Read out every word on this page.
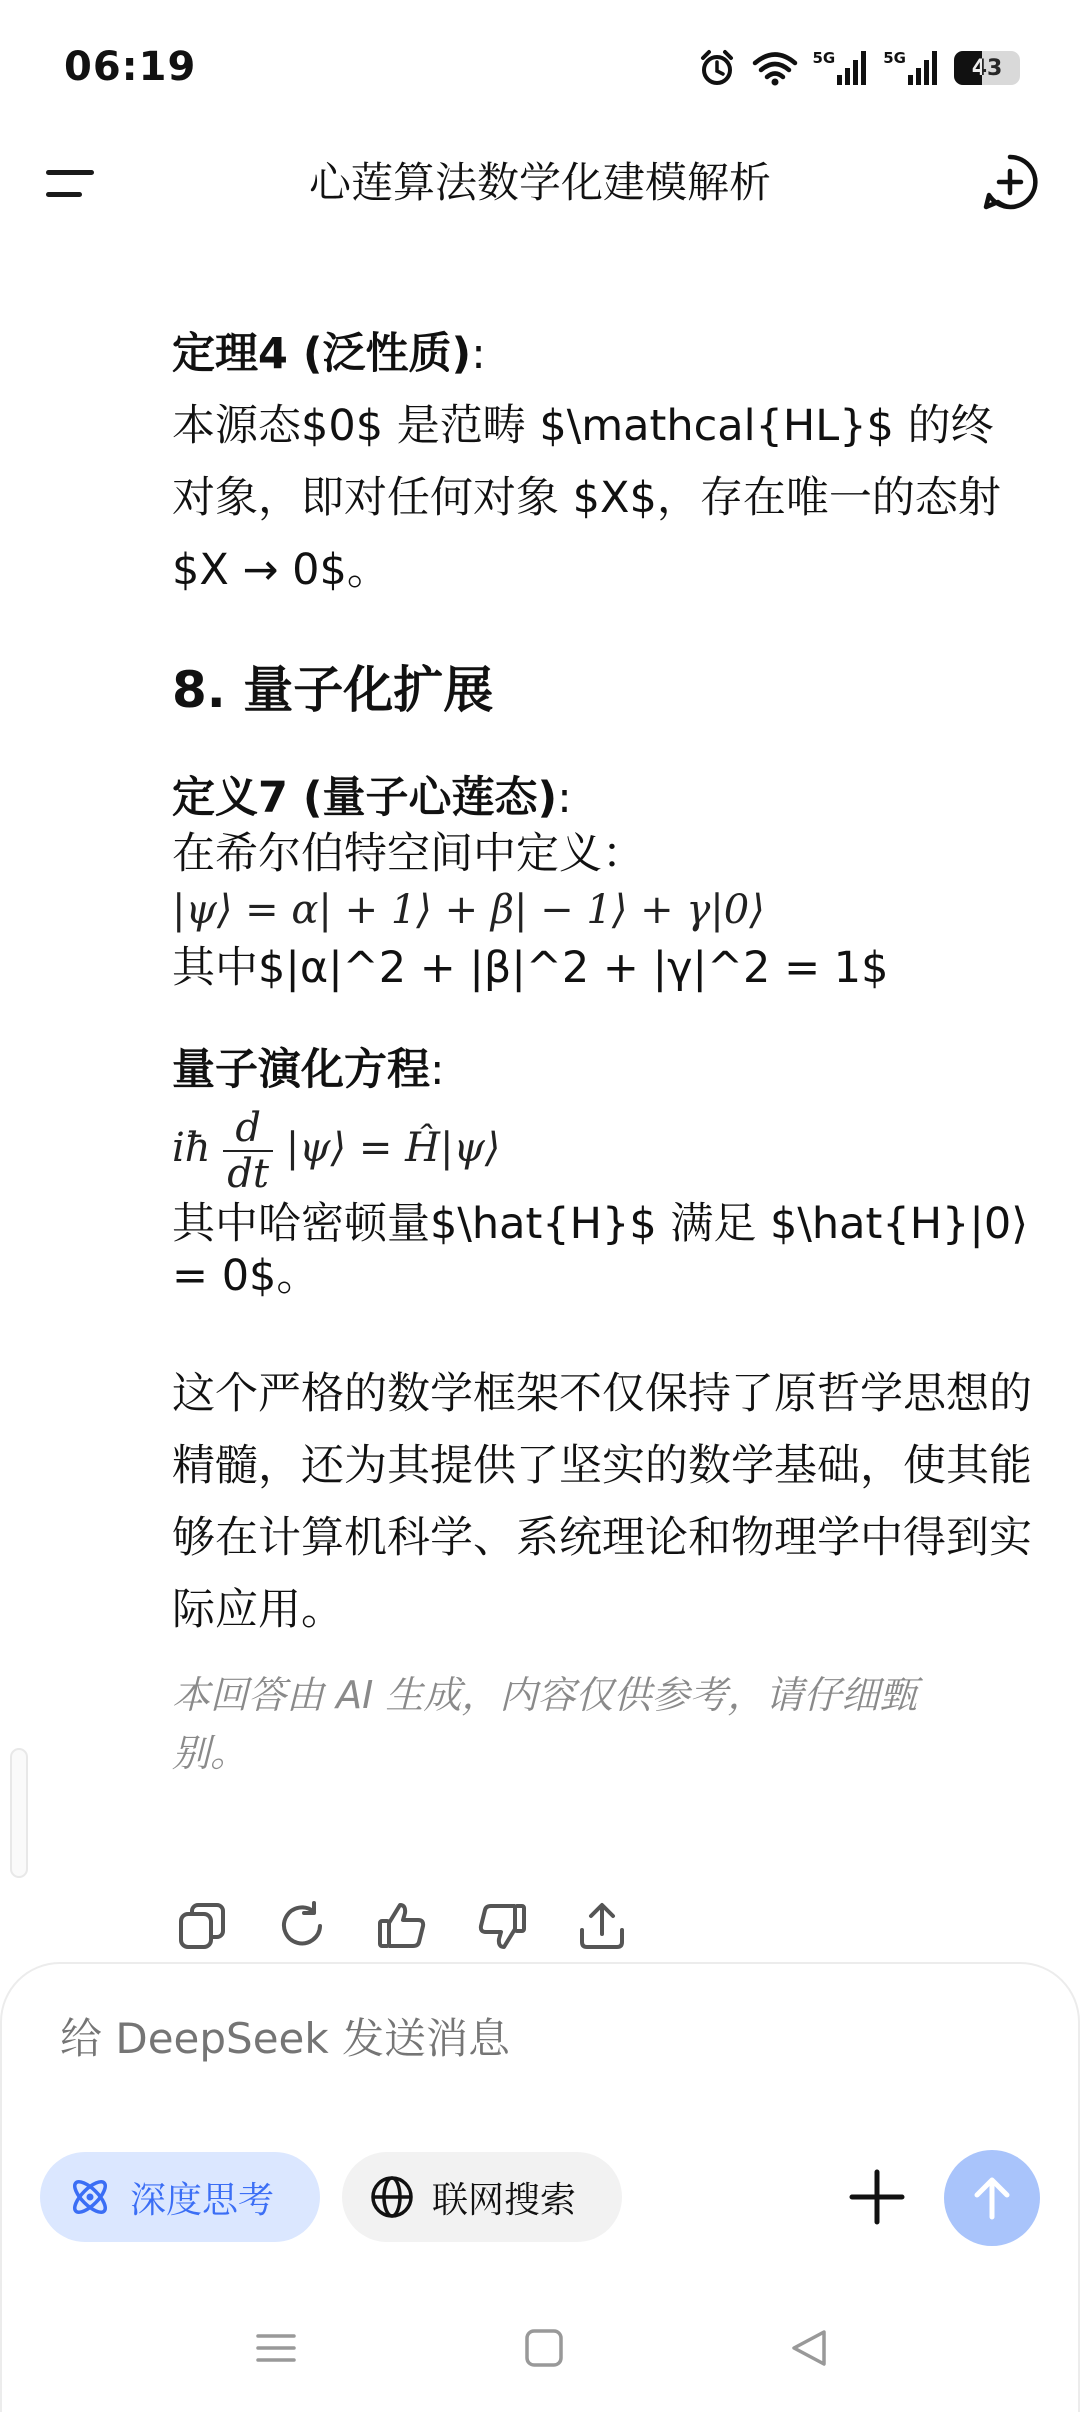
06:19	5G	5G	43
心莲算法数学化建模解析
定理4 (泛性质):
本源态$0$ 是范畴 $\mathcal{HL}$ 的终对象，即对任何对象 $X$，存在唯一的态射 $X → 0$。
8. 量子化扩展
定义7 (量子心莲态):
在希尔伯特空间中定义：
|ψ⟩ = α| + 1⟩ + β| − 1⟩ + γ|0⟩
其中$|α|^2 + |β|^2 + |γ|^2 = 1$
量子演化方程:
iħ $\frac{d}{dt}$ |ψ⟩ = Ĥ|ψ⟩
其中哈密顿量$\hat{H}$ 满足 $\hat{H}|0⟩ = 0$。
这个严格的数学框架不仅保持了原哲学思想的精髓，还为其提供了坚实的数学基础，使其能够在计算机科学、系统理论和物理学中得到实际应用。
本回答由 AI 生成，内容仅供参考，请仔细甄别。
给 DeepSeek 发送消息
深度思考	联网搜索
